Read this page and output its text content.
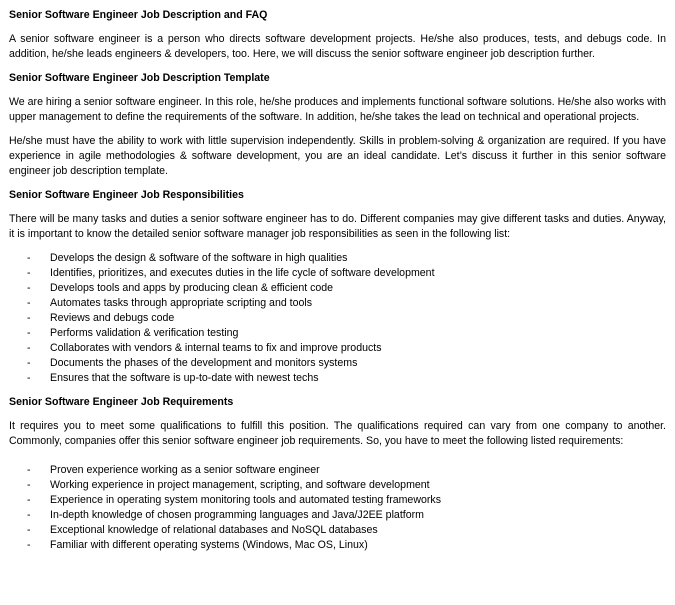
Senior Software Engineer Job Description and FAQ

A senior software engineer is a person who directs software development projects. He/she also produces, tests, and debugs code. In addition, he/she leads engineers & developers, too. Here, we will discuss the senior software engineer job description further.

Senior Software Engineer Job Description Template

We are hiring a senior software engineer. In this role, he/she produces and implements functional software solutions. He/she also works with upper management to define the requirements of the software. In addition, he/she takes the lead on technical and operational projects.

He/she must have the ability to work with little supervision independently. Skills in problem-solving & organization are required. If you have experience in agile methodologies & software development, you are an ideal candidate. Let’s discuss it further in this senior software engineer job description template.

Senior Software Engineer Job Responsibilities

There will be many tasks and duties a senior software engineer has to do. Different companies may give different tasks and duties. Anyway, it is important to know the detailed senior software manager job responsibilities as seen in the following list:

-	Develops the design & software of the software in high qualities
-	Identifies, prioritizes, and executes duties in the life cycle of software development
-	Develops tools and apps by producing clean & efficient code
-	Automates tasks through appropriate scripting and tools
-	Reviews and debugs code
-	Performs validation & verification testing
-	Collaborates with vendors & internal teams to fix and improve products
-	Documents the phases of the development and monitors systems
-	Ensures that the software is up-to-date with newest techs
Senior Software Engineer Job Requirements

It requires you to meet some qualifications to fulfill this position. The qualifications required can vary from one company to another. Commonly, companies offer this senior software engineer job requirements. So, you have to meet the following listed requirements:

-	Proven experience working as a senior software engineer
-	Working experience in project management, scripting, and software development
-	Experience in operating system monitoring tools and automated testing frameworks
-	In-depth knowledge of chosen programming languages and Java/J2EE platform
-	Exceptional knowledge of relational databases and NoSQL databases
-	Familiar with different operating systems (Windows, Mac OS, Linux)
